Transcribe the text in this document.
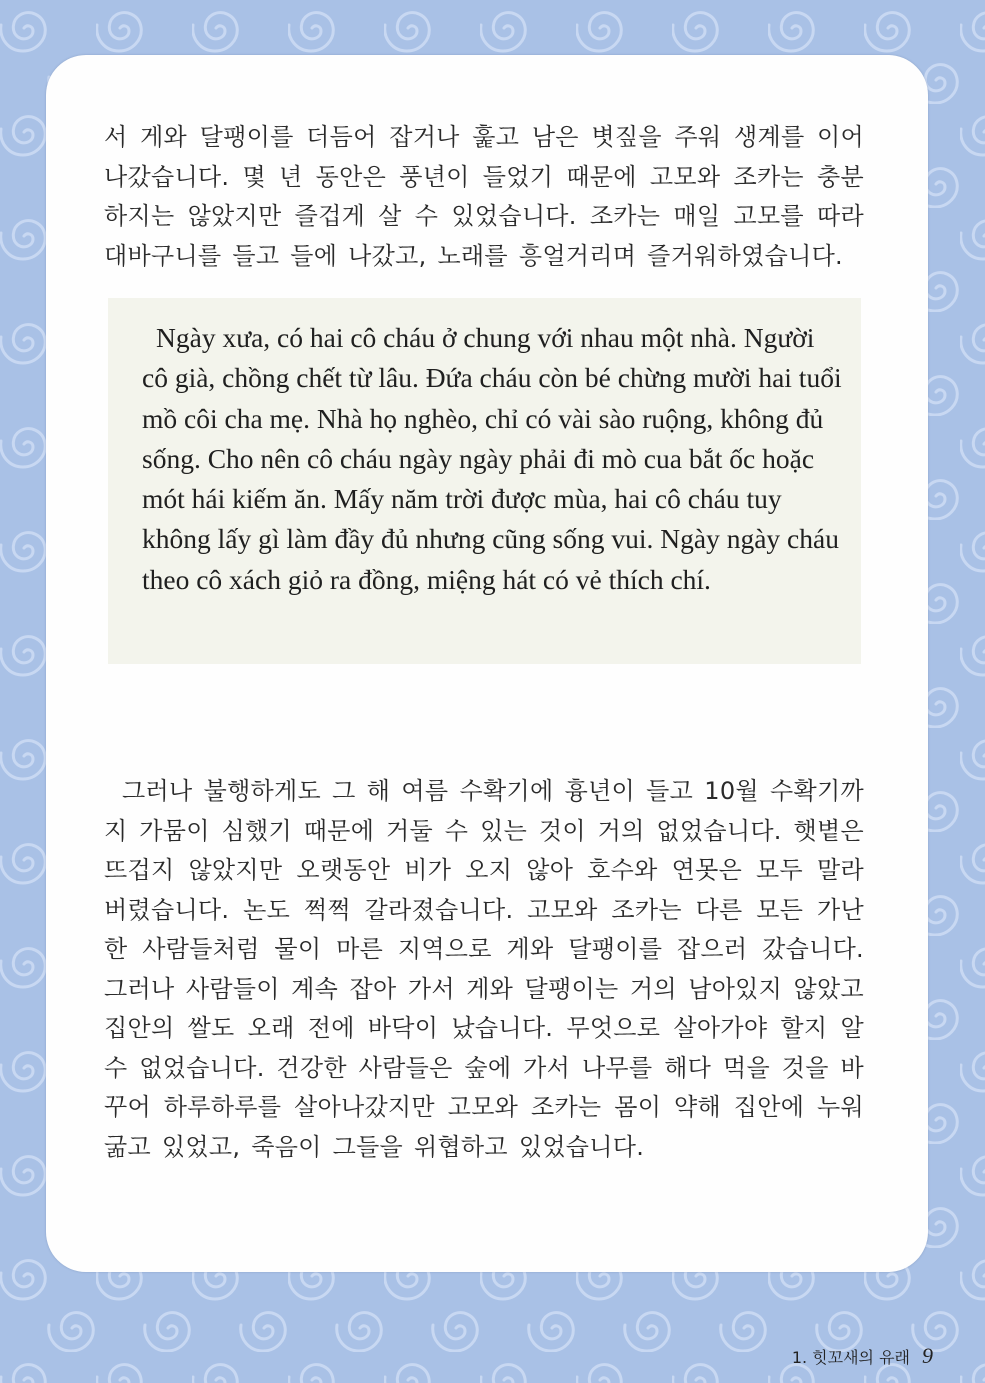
서 게와 달팽이를 더듬어 잡거나 훑고 남은 볏짚을 주워 생계를 이어나갔습니다. 몇 년 동안은 풍년이 들었기 때문에 고모와 조카는 충분하지는 않았지만 즐겁게 살 수 있었습니다. 조카는 매일 고모를 따라 대바구니를 들고 들에 나갔고, 노래를 흥얼거리며 즐거워하였습니다.

Ngày xưa, có hai cô cháu ở chung với nhau một nhà. Người cô già, chồng chết từ lâu. Đứa cháu còn bé chừng mười hai tuổi mồ côi cha mẹ. Nhà họ nghèo, chỉ có vài sào ruộng, không đủ sống. Cho nên cô cháu ngày ngày phải đi mò cua bắt ốc hoặc mót hái kiếm ăn. Mấy năm trời được mùa, hai cô cháu tuy không lấy gì làm đầy đủ nhưng cũng sống vui. Ngày ngày cháu theo cô xách giỏ ra đồng, miệng hát có vẻ thích chí.

그러나 불행하게도 그 해 여름 수확기에 흉년이 들고 10월 수확기까지 가뭄이 심했기 때문에 거둘 수 있는 것이 거의 없었습니다. 햇볕은 뜨겁지 않았지만 오랫동안 비가 오지 않아 호수와 연못은 모두 말라 버렸습니다. 논도 쩍쩍 갈라졌습니다. 고모와 조카는 다른 모든 가난한 사람들처럼 물이 마른 지역으로 게와 달팽이를 잡으러 갔습니다. 그러나 사람들이 계속 잡아 가서 게와 달팽이는 거의 남아있지 않았고 집안의 쌀도 오래 전에 바닥이 났습니다. 무엇으로 살아가야 할지 알 수 없었습니다. 건강한 사람들은 숲에 가서 나무를 해다 먹을 것을 바꾸어 하루하루를 살아나갔지만 고모와 조카는 몸이 약해 집안에 누워 굶고 있었고, 죽음이 그들을 위협하고 있었습니다.

1. 힛꼬새의 유래 9
